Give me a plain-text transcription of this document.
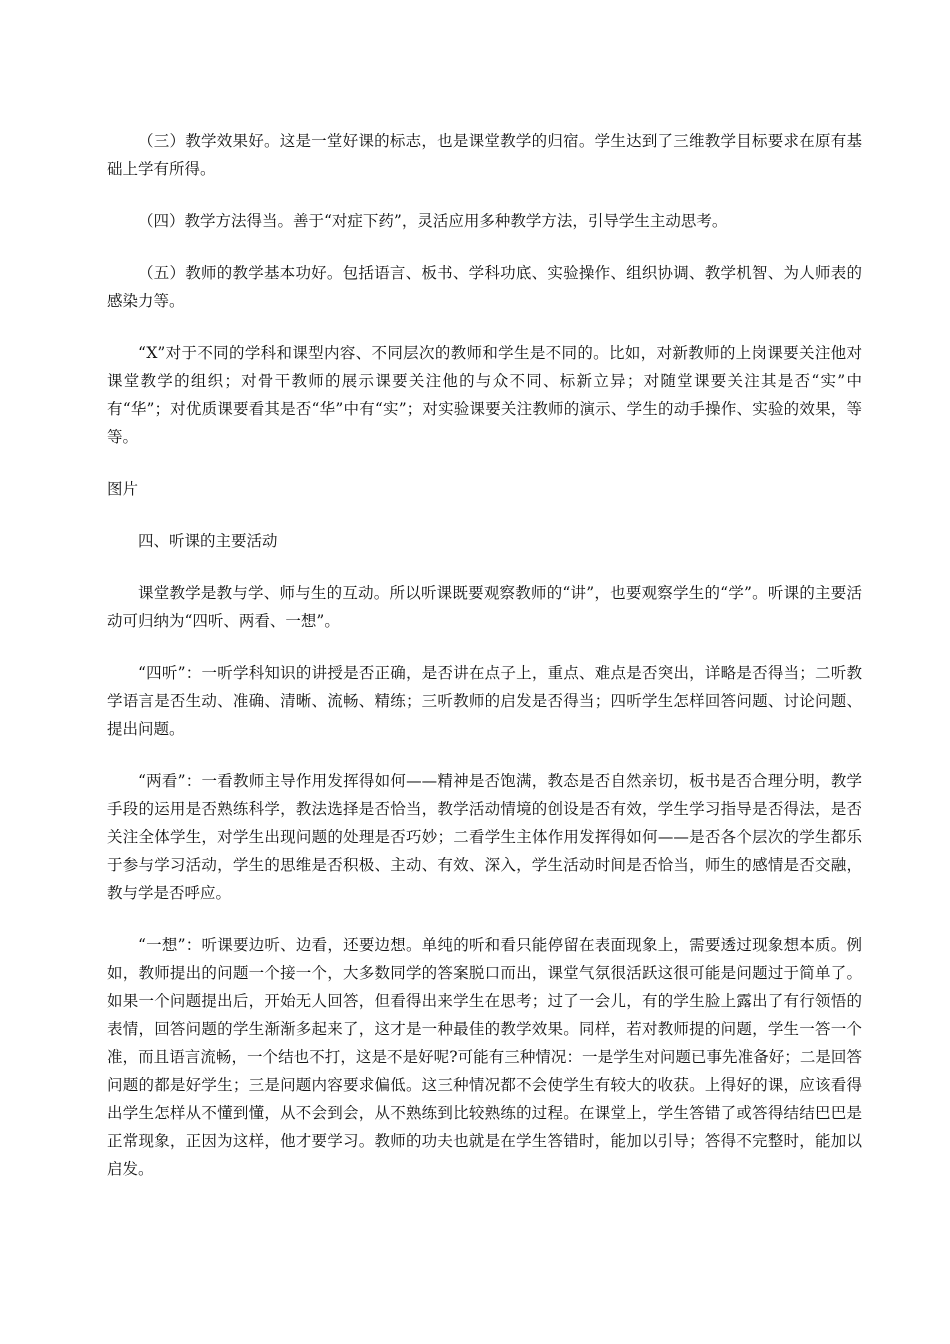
（三）教学效果好。这是一堂好课的标志，也是课堂教学的归宿。学生达到了三维教学目标要求在原有基础上学有所得。

（四）教学方法得当。善于“对症下药”，灵活应用多种教学方法，引导学生主动思考。

（五）教师的教学基本功好。包括语言、板书、学科功底、实验操作、组织协调、教学机智、为人师表的感染力等。

“X”对于不同的学科和课型内容、不同层次的教师和学生是不同的。比如，对新教师的上岗课要关注他对课堂教学的组织；对骨干教师的展示课要关注他的与众不同、标新立异；对随堂课要关注其是否“实”中有“华”；对优质课要看其是否“华”中有“实”；对实验课要关注教师的演示、学生的动手操作、实验的效果，等等。

图片

四、听课的主要活动

课堂教学是教与学、师与生的互动。所以听课既要观察教师的“讲”，也要观察学生的“学”。听课的主要活动可归纳为“四听、两看、一想”。

“四听”：一听学科知识的讲授是否正确，是否讲在点子上，重点、难点是否突出，详略是否得当；二听教学语言是否生动、准确、清晰、流畅、精练；三听教师的启发是否得当；四听学生怎样回答问题、讨论问题、提出问题。

“两看”：一看教师主导作用发挥得如何——精神是否饱满，教态是否自然亲切，板书是否合理分明，教学手段的运用是否熟练科学，教法选择是否恰当，教学活动情境的创设是否有效，学生学习指导是否得法，是否关注全体学生，对学生出现问题的处理是否巧妙；二看学生主体作用发挥得如何——是否各个层次的学生都乐于参与学习活动，学生的思维是否积极、主动、有效、深入，学生活动时间是否恰当，师生的感情是否交融，教与学是否呼应。

“一想”：听课要边听、边看，还要边想。单纯的听和看只能停留在表面现象上，需要透过现象想本质。例如，教师提出的问题一个接一个，大多数同学的答案脱口而出，课堂气氛很活跃这很可能是问题过于简单了。如果一个问题提出后，开始无人回答，但看得出来学生在思考；过了一会儿，有的学生脸上露出了有行领悟的表情，回答问题的学生渐渐多起来了，这才是一种最佳的教学效果。同样，若对教师提的问题，学生一答一个准，而且语言流畅，一个结也不打，这是不是好呢?可能有三种情况：一是学生对问题已事先准备好；二是回答问题的都是好学生；三是问题内容要求偏低。这三种情况都不会使学生有较大的收获。上得好的课，应该看得出学生怎样从不懂到懂，从不会到会，从不熟练到比较熟练的过程。在课堂上，学生答错了或答得结结巴巴是正常现象，正因为这样，他才要学习。教师的功夫也就是在学生答错时，能加以引导；答得不完整时，能加以启发。
